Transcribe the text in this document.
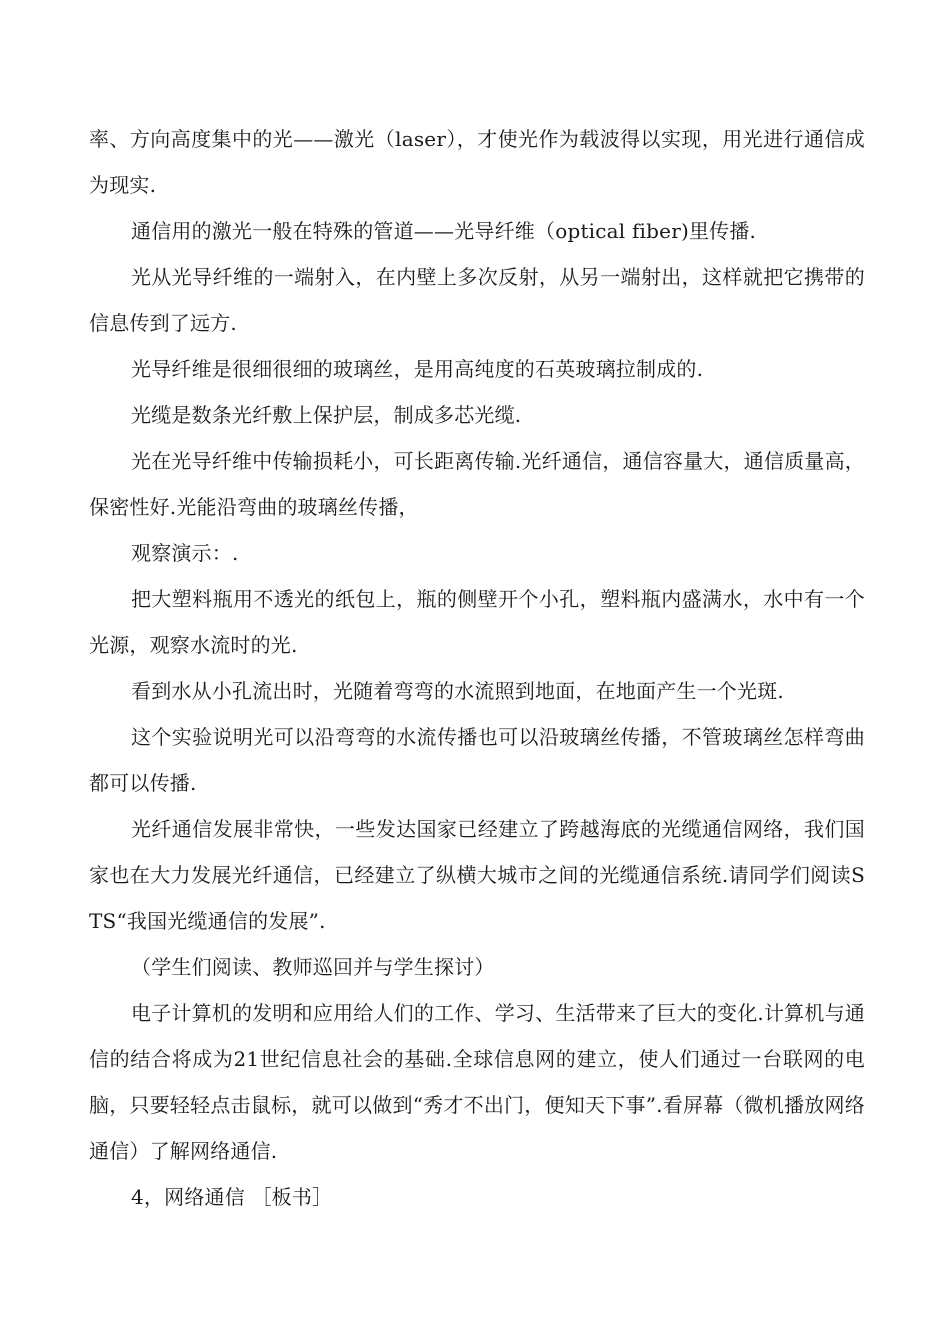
率、方向高度集中的光——激光（laser），才使光作为载波得以实现，用光进行通信成为现实.

通信用的激光一般在特殊的管道——光导纤维（optical fiber)里传播.

光从光导纤维的一端射入，在内壁上多次反射，从另一端射出，这样就把它携带的信息传到了远方.

光导纤维是很细很细的玻璃丝，是用高纯度的石英玻璃拉制成的.

光缆是数条光纤敷上保护层，制成多芯光缆.

光在光导纤维中传输损耗小，可长距离传输.光纤通信，通信容量大，通信质量高，保密性好.光能沿弯曲的玻璃丝传播，

观察演示：.

把大塑料瓶用不透光的纸包上，瓶的侧壁开个小孔，塑料瓶内盛满水，水中有一个光源，观察水流时的光.

看到水从小孔流出时，光随着弯弯的水流照到地面，在地面产生一个光斑.

这个实验说明光可以沿弯弯的水流传播也可以沿玻璃丝传播，不管玻璃丝怎样弯曲都可以传播.

光纤通信发展非常快，一些发达国家已经建立了跨越海底的光缆通信网络，我们国家也在大力发展光纤通信，已经建立了纵横大城市之间的光缆通信系统.请同学们阅读STS“我国光缆通信的发展”.

（学生们阅读、教师巡回并与学生探讨）

电子计算机的发明和应用给人们的工作、学习、生活带来了巨大的变化.计算机与通信的结合将成为21世纪信息社会的基础.全球信息网的建立，使人们通过一台联网的电脑，只要轻轻点击鼠标，就可以做到“秀才不出门，便知天下事”.看屏幕（微机播放网络通信）了解网络通信.

4，网络通信 ［板书］
